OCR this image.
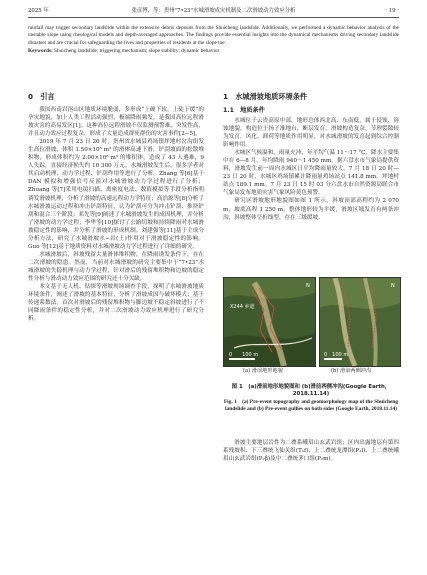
2025 年	张彦博，等：贵州"7•23"水城滑坡成灾机制及二次滑坡动力效应分析	· 19 ·
rainfall may trigger secondary landslide within the extensive debris deposits from the Shuicheng landslide. Additionally, we performed a dynamic behavior analysis of the unstable slope using rheological models and depth-averaged approaches. The findings provide essential insights into the dynamical mechanisms driving secondary landslide disasters and are crucial for safeguarding the lives and properties of residents at the slope toe.
Keywords: Shuicheng landslide; triggering mechanism; slope stability; dynamic behavior
0　引言

我国西南岩溶山区地质环境脆弱，多形成“上硬下软、上陡下缓”的孕灾地貌，加上人类工程活动强烈，极端降雨频发，是我国高位远程滑坡灾害的高易发区[1]。这种高位远程滑坡不仅监测预警难、突发性高，并且动力效应过程复杂，形成了大量造成群死群伤的灾害事件[2−5]。

2019 年 7 月 23 日 20 时，贵州省水城县鸡场镇坪地村岔沟组发生高位滑坡，体积 1.50×10⁶ m³ 的滑体高速下滑，铲刮坡面的松散堆积物，形成体积约为 2.00×10⁶ m³ 的堆积体，造成了 43 人遇难，9 人失踪，直接经济损失约 10 300 万元。水城滑坡发生后，很多学者对其启动机理、动力学过程、铲刮作用等进行了分析。Zhang 等[6]基于 DAN 模拟和增强信号反演对水城滑坡动力学过程进行了分析；Zhuang 等[7]采用电镜扫描、离密度电法、数值模拟等手段分析指明诱发滑坡机理，分析了滑坡的高速远程动力学特征；高浩源等[8]分析了水城滑坡运动过程和冲击铲刮特征，认为铲刮可分为冲击铲刮、推挤铲刮和混合三个阶段；邓先等[9]阐述了水城滑坡发生的成因机理，并分析了滑坡的动力学过程；李华等[10]探讨了公路切坡和持续降雨对水城滑坡稳定性的影响，并分析了滑坡的形成机制。刘建强等[11]基于主成分分析方法，研究了水城滑坡水−岩(土)作用对于滑坡稳定性的影响。Guo 等[12]基于地质资料对水城滑坡动力学过程进行了详细的研究。

水城滑坡后，斜坡残留大量滑体堆积物，在降雨诱发条件下，存在二次滑坡的隐患。然而，当前对水城滑坡的研究主要集中于“7•23”水城滑坡的失稳机理与动力学过程，针对滑后的残留堆积物和边坡的稳定性分析与滑动动力效应范围的研究还十分欠缺。

本文基于无人机、钻探等滑坡现场调查手段，探明了水城滑坡地质环境条件，阐述了滑坡的基本特征，分析了滑坡成因与破坏模式；基于传递系数法，首次对滑坡后的残留堆积物与脚边坡不稳定斜坡进行了不同降雨条件的稳定性分析，并对二次滑坡动力效应机理进行了研究分析。

1　水城滑坡地质环境条件
1.1　地质条件

水城位于云贵高原中部，地形总体西北高、东南低，属于侵蚀、溶蚀地貌，构造位于扬子准地台，断层发育。滑坡构造复杂，节理裂隙较为发育，风化、卸荷等地质作用明显，对水城滑坡的发育起到综合控制影响作用。

水城区气候温和，雨量充沛，年平均气温 11～17 °C，降水主要集中在 6—8 月，年均降雨 940～1 450 mm。据六盘水市气象局提供资料，滑坡发生前一周内水城区日平均降雨量较大。7 月 18 日 20 时—23 日 20 时，水城区鸡场镇累计降雨量鸡场站点 141.8 mm，坪地村站点 189.1 mm。7 月 23 日 15 时 03 分六盘水市自然资源局联合市气象局发布地质灾害气象风险黄色预警。

研究区滑坡地形地貌图如图 1 所示，斜坡顶部高程约为 2 070 m，坡底高程 1 250 m，整体地形较为平缓，滑坡区域发育有两条冲沟，斜坡整体呈折线型，存在三级缓坡。

X244 乡道
N
0　　100 m
N
0　100 m
(a) 滑前地形地貌	(b) 滑前两侧冲沟
图 1　(a)滑前地形地貌图和 (b)滑前两侧冲沟(Google Earth，2018.11.14)
Fig. 1　(a) Pre-event topography and geomorphology map of the Shuicheng landslide and (b) Pre-event gullies on both sides (Google Earth, 2018.11.14)

滑坡主要地层岩性为二叠系峨眉山玄武岩组；区内出露地层有第四系残坡积、下三叠统飞仙关组(T₁f)、上二叠统龙潭组(P₂l)、上二叠统峨眉山玄武岩组(P₂β)及中二叠统茅口组(P₂m)。
